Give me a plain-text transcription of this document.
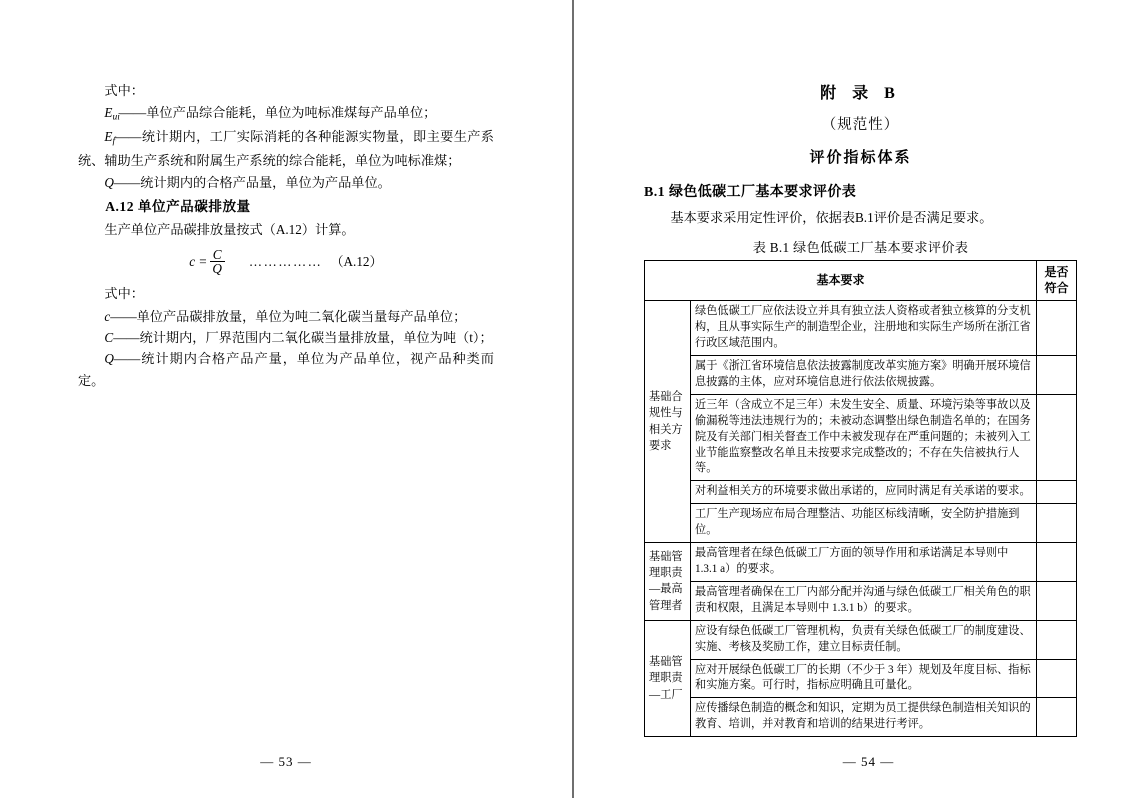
式中：

$E_{ui}——$单位产品综合能耗，单位为吨标准煤每产品单位；

$E_f——$统计期内，工厂实际消耗的各种能源实物量，即主要生产系统、辅助生产系统和附属生产系统的综合能耗，单位为吨标准煤；

Q——统计期内的合格产品量，单位为产品单位。

A.12 单位产品碳排放量

生产单位产品碳排放量按式（A.12）计算。

$c = \frac{C}{Q}$ …………… （A.12）

式中：

c——单位产品碳排放量，单位为吨二氧化碳当量每产品单位；

C——统计期内，厂界范围内二氧化碳当量排放量，单位为吨（t）；

Q——统计期内合格产品产量，单位为产品单位，视产品种类而定。

— 53 —
附 录 B
（规范性）
评价指标体系
B.1 绿色低碳工厂基本要求评价表
基本要求采用定性评价，依据表B.1评价是否满足要求。
表 B.1 绿色低碳工厂基本要求评价表
基本要求		是否符合
基础合规性与相关方要求	绿色低碳工厂应依法设立并具有独立法人资格或者独立核算的分支机构，且从事实际生产的制造型企业，注册地和实际生产场所在浙江省行政区域范围内。	
	属于《浙江省环境信息依法披露制度改革实施方案》明确开展环境信息披露的主体，应对环境信息进行依法依规披露。	
	近三年（含成立不足三年）未发生安全、质量、环境污染等事故以及偷漏税等违法违规行为的；未被动态调整出绿色制造名单的；在国务院及有关部门相关督查工作中未被发现存在严重问题的；未被列入工业节能监察整改名单且未按要求完成整改的；不存在失信被执行人等。	
	对利益相关方的环境要求做出承诺的，应同时满足有关承诺的要求。	
	工厂生产现场应布局合理整洁、功能区标线清晰，安全防护措施到位。	
基础管理职责—最高管理者	最高管理者在绿色低碳工厂方面的领导作用和承诺满足本导则中 1.3.1 a）的要求。	
	最高管理者确保在工厂内部分配并沟通与绿色低碳工厂相关角色的职责和权限，且满足本导则中 1.3.1 b）的要求。	
基础管理职责—工厂	应设有绿色低碳工厂管理机构，负责有关绿色低碳工厂的制度建设、实施、考核及奖励工作，建立目标责任制。	
	应对开展绿色低碳工厂的长期（不少于 3 年）规划及年度目标、指标和实施方案。可行时，指标应明确且可量化。	
	应传播绿色制造的概念和知识，定期为员工提供绿色制造相关知识的教育、培训，并对教育和培训的结果进行考评。	
— 54 —
